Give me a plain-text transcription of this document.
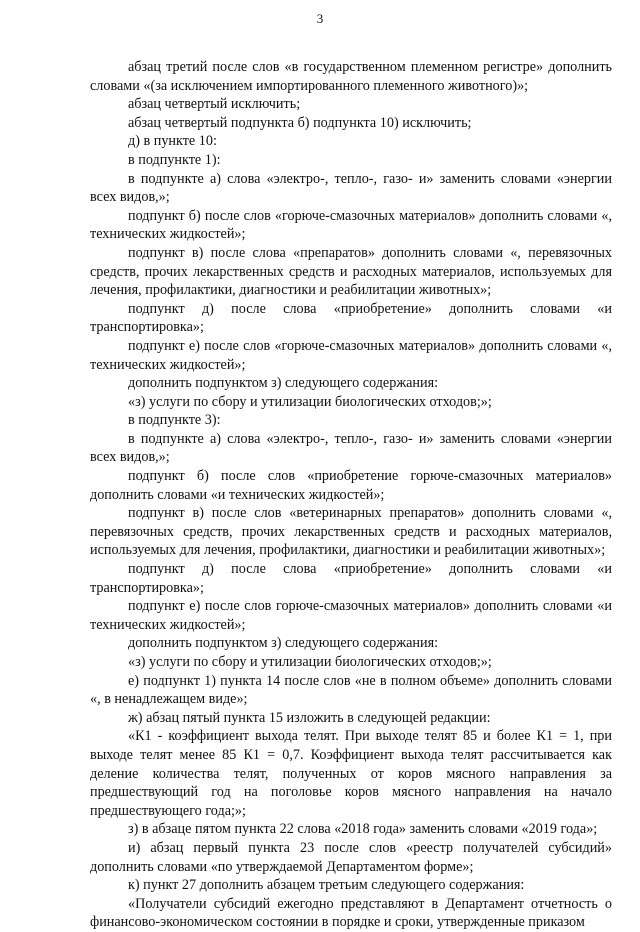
3

абзац третий после слов «в государственном племенном регистре» дополнить словами «(за исключением импортированного племенного животного)»;

абзац четвертый исключить;

абзац четвертый подпункта б) подпункта 10) исключить;

д) в пункте 10:

в подпункте 1):

в подпункте а) слова «электро-, тепло-, газо- и» заменить словами «энергии всех видов,»;

подпункт б) после слов «горюче-смазочных материалов» дополнить словами «, технических жидкостей»;

подпункт в) после слова «препаратов» дополнить словами «, перевязочных средств, прочих лекарственных средств и расходных материалов, используемых для лечения, профилактики, диагностики и реабилитации животных»;

подпункт д) после слова «приобретение» дополнить словами «и транспортировка»;

подпункт е) после слов «горюче-смазочных материалов» дополнить словами «, технических жидкостей»;

дополнить подпунктом з) следующего содержания:

«з) услуги по сбору и утилизации биологических отходов;»;

в подпункте 3):

в подпункте а) слова «электро-, тепло-, газо- и» заменить словами «энергии всех видов,»;

подпункт б) после слов «приобретение горюче-смазочных материалов» дополнить словами «и технических жидкостей»;

подпункт в) после слов «ветеринарных препаратов» дополнить словами «, перевязочных средств, прочих лекарственных средств и расходных материалов, используемых для лечения, профилактики, диагностики и реабилитации животных»;

подпункт д) после слова «приобретение» дополнить словами «и транспортировка»;

подпункт е) после слов горюче-смазочных материалов» дополнить словами «и технических жидкостей»;

дополнить подпунктом з) следующего содержания:

«з) услуги по сбору и утилизации биологических отходов;»;

е) подпункт 1) пункта 14 после слов «не в полном объеме» дополнить словами «, в ненадлежащем виде»;

ж) абзац пятый пункта 15 изложить в следующей редакции:

«К1 - коэффициент выхода телят. При выходе телят 85 и более К1 = 1, при выходе телят менее 85 К1 = 0,7. Коэффициент выхода телят рассчитывается как деление количества телят, полученных от коров мясного направления за предшествующий год на поголовье коров мясного направления на начало предшествующего года;»;

з) в абзаце пятом пункта 22 слова «2018 года» заменить словами «2019 года»;

и) абзац первый пункта 23 после слов «реестр получателей субсидий» дополнить словами «по утверждаемой Департаментом форме»;

к) пункт 27 дополнить абзацем третьим следующего содержания:

«Получатели субсидий ежегодно представляют в Департамент отчетность о финансово-экономическом состоянии в порядке и сроки, утвержденные приказом
